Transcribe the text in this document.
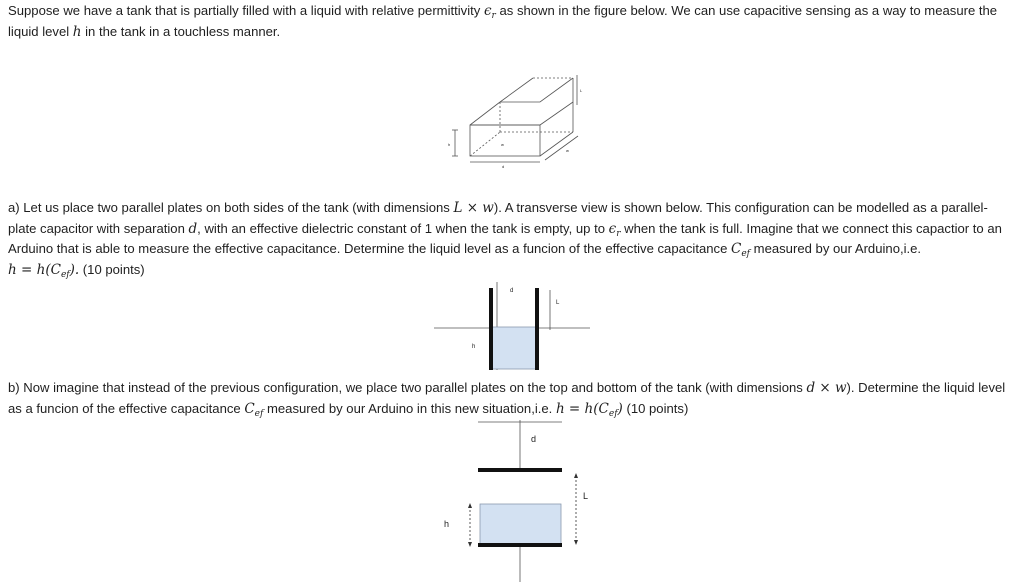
Suppose we have a tank that is partially filled with a liquid with relative permittivity $\epsilon_r$ as shown in the figure below. We can use capacitive sensing as a way to measure the liquid level h in the tank in a touchless manner.

h
d
w
L
w

a) Let us place two parallel plates on both sides of the tank (with dimensions L × w). A transverse view is shown below. This configuration can be modelled as a parallel-plate capacitor with separation d, with an effective dielectric constant of 1 when the tank is empty, up to $\epsilon_r$ when the tank is full. Imagine that we connect this capactior to an Arduino that is able to measure the effective capacitance. Determine the liquid level as a funcion of the effective capacitance $C_{ef}$ measured by our Arduino,i.e.
$h = h(C_{ef})$. (10 points)

d
L
h

b) Now imagine that instead of the previous configuration, we place two parallel plates on the top and bottom of the tank (with dimensions d × w). Determine the liquid level as a funcion of the effective capacitance $C_{ef}$ measured by our Arduino in this new situation,i.e. $h = h(C_{ef})$ (10 points)

d
L
h
